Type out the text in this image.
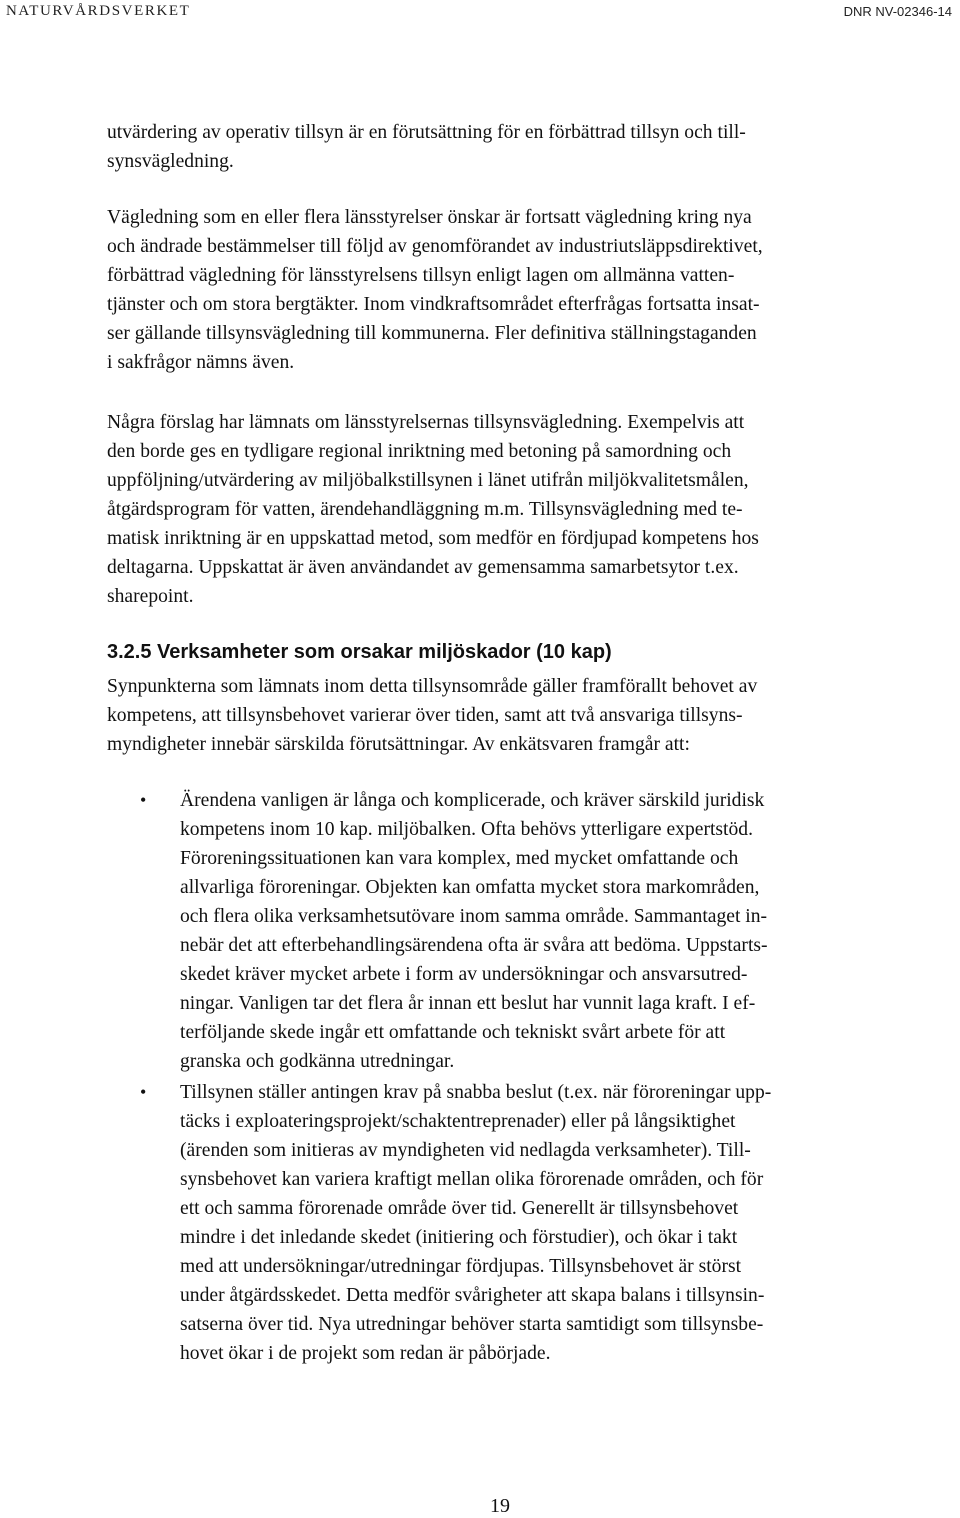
NATURVÅRDSVERKET	DNR NV-02346-14
utvärdering av operativ tillsyn är en förutsättning för en förbättrad tillsyn och till-
synsvägledning.
Vägledning som en eller flera länsstyrelser önskar är fortsatt vägledning kring nya
och ändrade bestämmelser till följd av genomförandet av industriutsläppsdirektivet,
förbättrad vägledning för länsstyrelsens tillsyn enligt lagen om allmänna vatten-
tjänster och om stora bergtäkter. Inom vindkraftsområdet efterfrågas fortsatta insat-
ser gällande tillsynsvägledning till kommunerna. Fler definitiva ställningstaganden
i sakfrågor nämns även.
Några förslag har lämnats om länsstyrelsernas tillsynsvägledning. Exempelvis att
den borde ges en tydligare regional inriktning med betoning på samordning och
uppföljning/utvärdering av miljöbalkstillsynen i länet utifrån miljökvalitetsmålen,
åtgärdsprogram för vatten, ärendehandläggning m.m. Tillsynsvägledning med te-
matisk inriktning är en uppskattad metod, som medför en fördjupad kompetens hos
deltagarna. Uppskattat är även användandet av gemensamma samarbetsytor t.ex.
sharepoint.
3.2.5 Verksamheter som orsakar miljöskador (10 kap)
Synpunkterna som lämnats inom detta tillsynsområde gäller framförallt behovet av
kompetens, att tillsynsbehovet varierar över tiden, samt att två ansvariga tillsyns-
myndigheter innebär särskilda förutsättningar. Av enkätsvaren framgår att:
•	Ärendena vanligen är långa och komplicerade, och kräver särskild juridisk
kompetens inom 10 kap. miljöbalken. Ofta behövs ytterligare expertstöd.
Föroreningssituationen kan vara komplex, med mycket omfattande och
allvarliga föroreningar. Objekten kan omfatta mycket stora markområden,
och flera olika verksamhetsutövare inom samma område. Sammantaget in-
nebär det att efterbehandlingsärendena ofta är svåra att bedöma. Uppstarts-
skedet kräver mycket arbete i form av undersökningar och ansvarsutred-
ningar. Vanligen tar det flera år innan ett beslut har vunnit laga kraft. I ef-
terföljande skede ingår ett omfattande och tekniskt svårt arbete för att
granska och godkänna utredningar.
•	Tillsynen ställer antingen krav på snabba beslut (t.ex. när föroreningar upp-
täcks i exploateringsprojekt/schaktentreprenader) eller på långsiktighet
(ärenden som initieras av myndigheten vid nedlagda verksamheter). Till-
synsbehovet kan variera kraftigt mellan olika förorenade områden, och för
ett och samma förorenade område över tid. Generellt är tillsynsbehovet
mindre i det inledande skedet (initiering och förstudier), och ökar i takt
med att undersökningar/utredningar fördjupas. Tillsynsbehovet är störst
under åtgärdsskedet. Detta medför svårigheter att skapa balans i tillsynsin-
satserna över tid. Nya utredningar behöver starta samtidigt som tillsynsbe-
hovet ökar i de projekt som redan är påbörjade.
19
